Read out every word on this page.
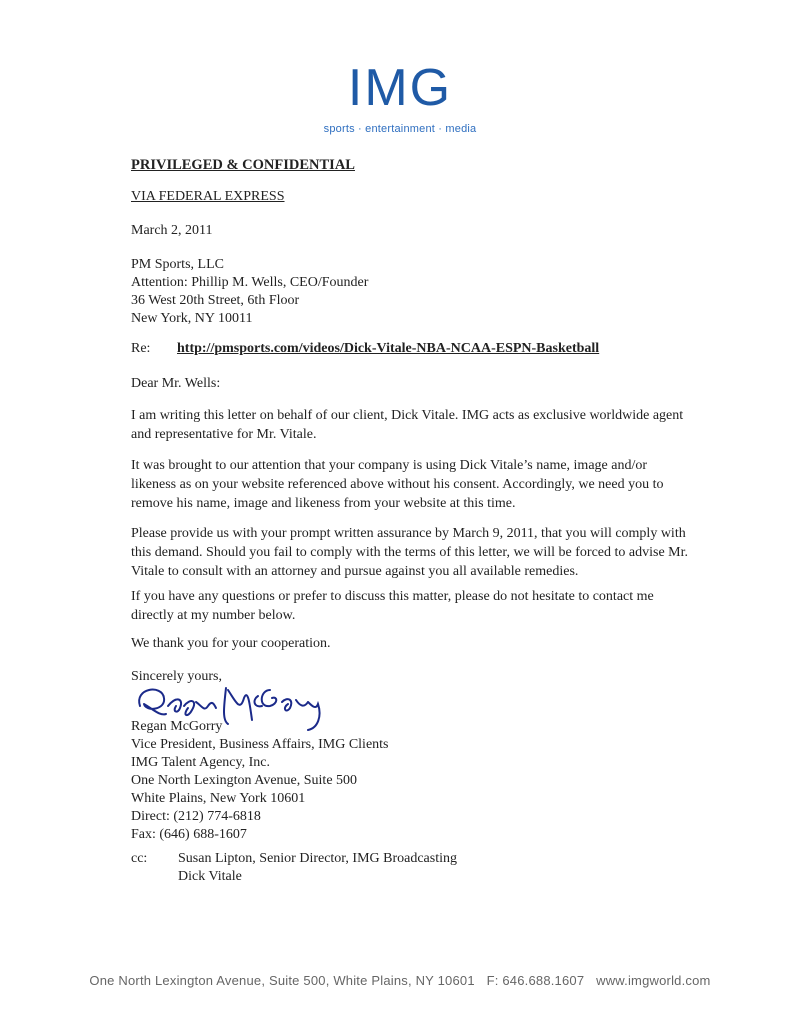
IMG
sports · entertainment · media
PRIVILEGED & CONFIDENTIAL
VIA FEDERAL EXPRESS
March 2, 2011
PM Sports, LLC
Attention: Phillip M. Wells, CEO/Founder
36 West 20th Street, 6th Floor
New York, NY 10011
Re: http://pmsports.com/videos/Dick-Vitale-NBA-NCAA-ESPN-Basketball
Dear Mr. Wells:

I am writing this letter on behalf of our client, Dick Vitale. IMG acts as exclusive worldwide agent and representative for Mr. Vitale.

It was brought to our attention that your company is using Dick Vitale’s name, image and/or likeness as on your website referenced above without his consent. Accordingly, we need you to remove his name, image and likeness from your website at this time.

Please provide us with your prompt written assurance by March 9, 2011, that you will comply with this demand. Should you fail to comply with the terms of this letter, we will be forced to advise Mr. Vitale to consult with an attorney and pursue against you all available remedies.

If you have any questions or prefer to discuss this matter, please do not hesitate to contact me directly at my number below.

We thank you for your cooperation.
Sincerely yours,
Regan McGorry
Vice President, Business Affairs, IMG Clients
IMG Talent Agency, Inc.
One North Lexington Avenue, Suite 500
White Plains, New York 10601
Direct: (212) 774-6818
Fax: (646) 688-1607
cc: Susan Lipton, Senior Director, IMG Broadcasting
Dick Vitale
One North Lexington Avenue, Suite 500, White Plains, NY 10601 F: 646.688.1607 www.imgworld.com
